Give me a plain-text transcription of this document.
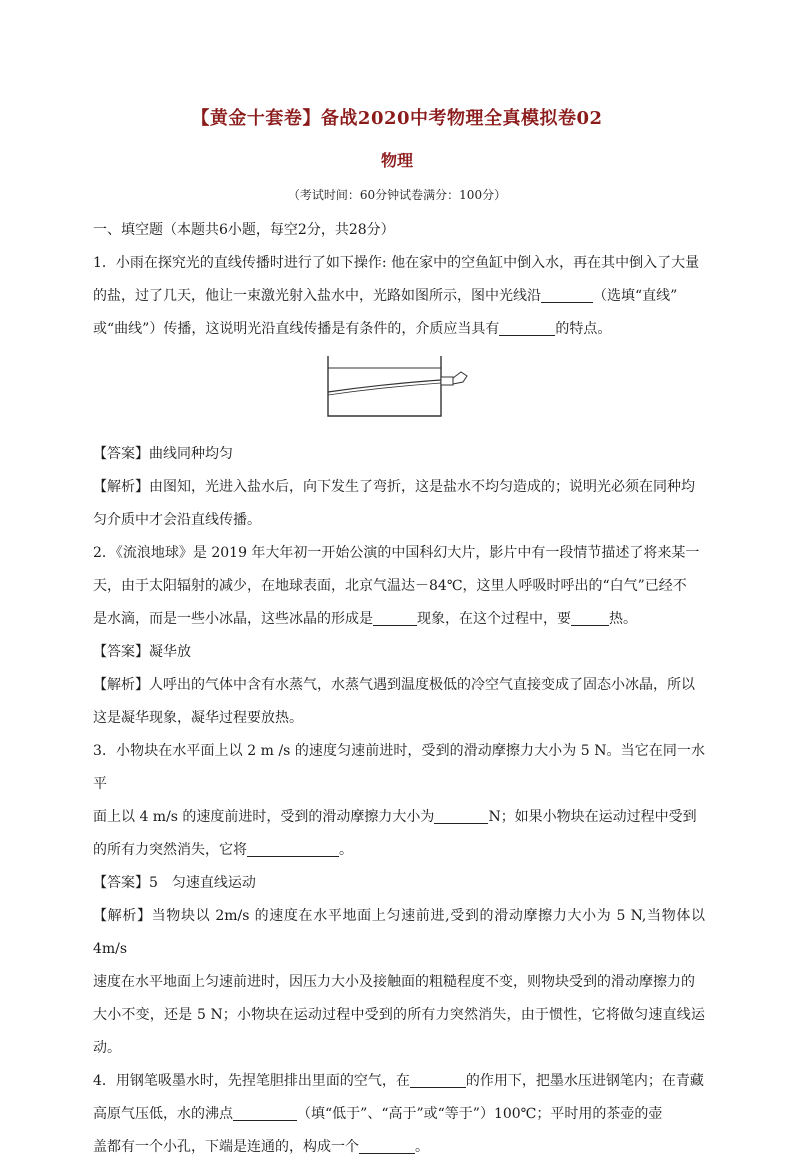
【黄金十套卷】备战2020中考物理全真模拟卷02
物理
（考试时间：60分钟试卷满分：100分）

一、填空题（本题共6小题，每空2分，共28分）

1．小雨在探究光的直线传播时进行了如下操作: 他在家中的空鱼缸中倒入水，再在其中倒入了大量

的盐，过了几天，他让一束激光射入盐水中，光路如图所示，图中光线沿	（选填“直线”

或“曲线”）传播，这说明光沿直线传播是有条件的，介质应当具有	的特点。

【答案】曲线同种均匀

【解析】由图知，光进入盐水后，向下发生了弯折，这是盐水不均匀造成的；说明光必须在同种均

匀介质中才会沿直线传播。

2．《流浪地球》是 2019 年大年初一开始公演的中国科幻大片，影片中有一段情节描述了将来某一

天，由于太阳辐射的减少，在地球表面，北京气温达－84℃，这里人呼吸时呼出的“白气”已经不

是水滴，而是一些小冰晶，这些冰晶的形成是	现象，在这个过程中，要	热。

【答案】凝华放

【解析】人呼出的气体中含有水蒸气，水蒸气遇到温度极低的冷空气直接变成了固态小冰晶，所以

这是凝华现象，凝华过程要放热。

3．小物块在水平面上以 2 m /s 的速度匀速前进时，受到的滑动摩擦力大小为 5 N。当它在同一水平

面上以 4 m/s 的速度前进时，受到的滑动摩擦力大小为	N；如果小物块在运动过程中受到

的所有力突然消失，它将	。

【答案】5　匀速直线运动

【解析】当物块以 2m/s 的速度在水平地面上匀速前进,受到的滑动摩擦力大小为 5 N,当物体以 4m/s

速度在水平地面上匀速前进时，因压力大小及接触面的粗糙程度不变，则物块受到的滑动摩擦力的

大小不变，还是 5 N；小物块在运动过程中受到的所有力突然消失，由于惯性，它将做匀速直线运动。

4．用钢笔吸墨水时，先捏笔胆排出里面的空气，在	的作用下，把墨水压进钢笔内；在青藏

高原气压低，水的沸点	（填“低于”、“高于”或“等于”）100℃；平时用的茶壶的壶

盖都有一个小孔，下端是连通的，构成一个	。
